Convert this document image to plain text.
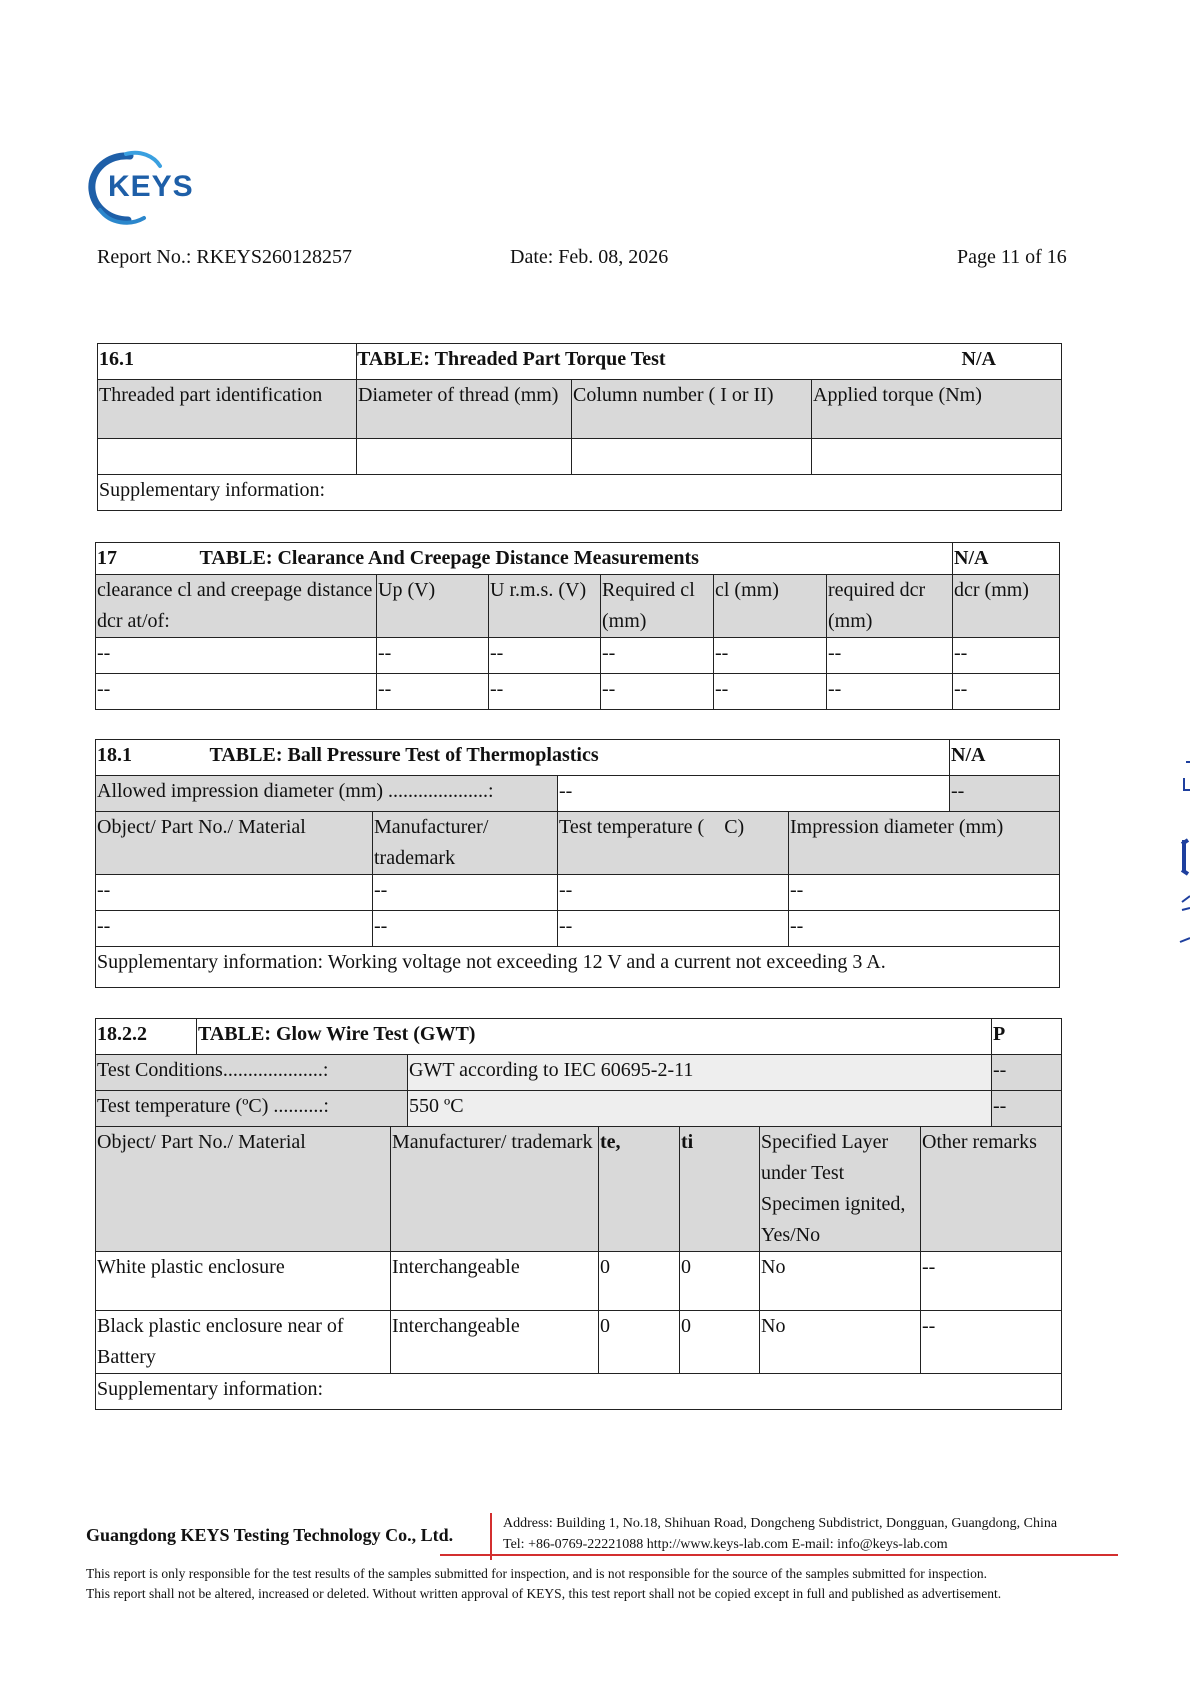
KEYS
Report No.: RKEYS260128257	Date: Feb. 08, 2026	Page 11 of 16
16.1	TABLE: Threaded Part Torque Test		N/A
Threaded part identification	Diameter of thread (mm)	Column number ( I or II)	Applied torque (Nm)

Supplementary information:			
17		TABLE: Clearance And Creepage Distance Measurements				N/A
clearance cl and creepage distance dcr at/of:	Up (V)	U r.m.s. (V)	Required cl (mm)	cl (mm)	required dcr (mm)	dcr (mm)
--	--	--	--	--	--	--
--	--	--	--	--	--	--
18.1	TABLE: Ball Pressure Test of Thermoplastics			N/A
Allowed impression diameter (mm) ....................:		--		--
Object/ Part No./ Material	Manufacturer/ trademark	Test temperature (    C)	Impression diameter (mm)	
--	--	--	--	
--	--	--	--	
Supplementary information: Working voltage not exceeding 12 V and a current not exceeding 3 A.				
18.2.2	TABLE: Glow Wire Test (GWT)							P
Test Conditions....................:			GWT according to IEC 60695-2-11					--
Test temperature (ºC) ..........:			550 ºC					--
Object/ Part No./ Material		Manufacturer/ trademark		te,	ti	Specified Layer under Test Specimen ignited, Yes/No	Other remarks	
White plastic enclosure		Interchangeable		0	0	No	--	
Black plastic enclosure near of Battery		Interchangeable		0	0	No	--	
Supplementary information:								
Guangdong KEYS Testing Technology Co., Ltd.
Address: Building 1, No.18, Shihuan Road, Dongcheng Subdistrict, Dongguan, Guangdong, China
Tel: +86-0769-22221088 http://www.keys-lab.com E-mail: info@keys-lab.com
This report is only responsible for the test results of the samples submitted for inspection, and is not responsible for the source of the samples submitted for inspection.
This report shall not be altered, increased or deleted. Without written approval of KEYS, this test report shall not be copied except in full and published as advertisement.
